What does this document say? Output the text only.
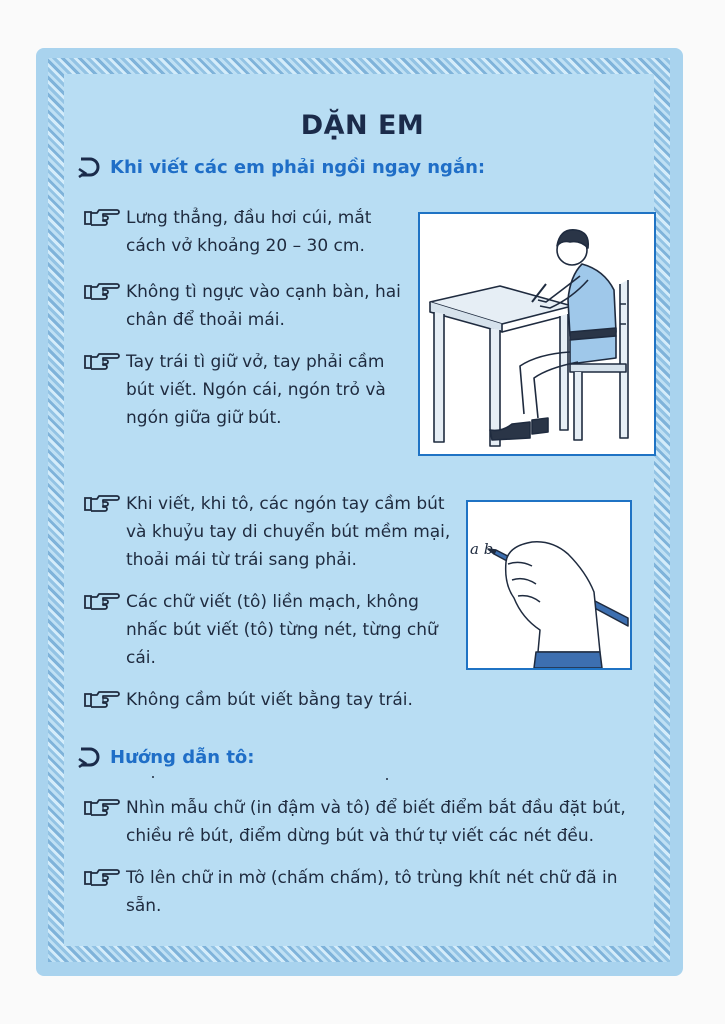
DẶN EM
Khi viết các em phải ngồi ngay ngắn:

Lưng thẳng, đầu hơi cúi, mắt cách vở khoảng 20 – 30 cm.

Không tì ngực vào cạnh bàn, hai chân để thoải mái.

Tay trái tì giữ vở, tay phải cầm bút viết. Ngón cái, ngón trỏ và ngón giữa giữ bút.

Khi viết, khi tô, các ngón tay cầm bút và khuỷu tay di chuyển bút mềm mại, thoải mái từ trái sang phải.

Các chữ viết (tô) liền mạch, không nhấc bút viết (tô) từng nét, từng chữ cái.

Không cầm bút viết bằng tay trái.

a b
Hướng dẫn tô:

Nhìn mẫu chữ (in đậm và tô) để biết điểm bắt đầu đặt bút, chiều rê bút, điểm dừng bút và thứ tự viết các nét đều.

Tô lên chữ in mờ (chấm chấm), tô trùng khít nét chữ đã in sẵn.
